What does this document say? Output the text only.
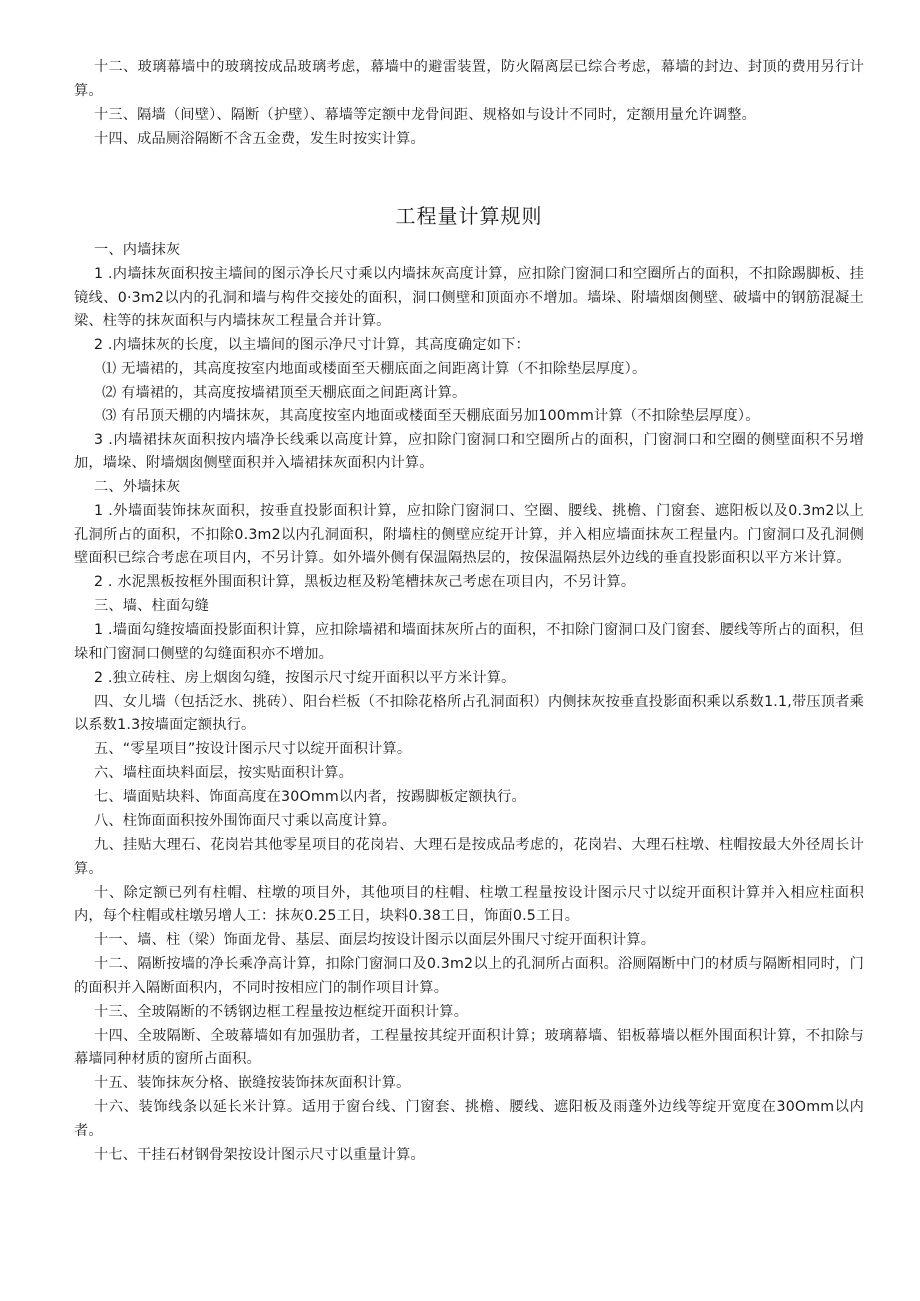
十二、玻璃幕墙中的玻璃按成品玻璃考虑，幕墙中的避雷装置，防火隔离层已综合考虑，幕墙的封边、封顶的费用另行计算。

十三、隔墙（间壁）、隔断（护壁）、幕墙等定额中龙骨间距、规格如与设计不同时，定额用量允许调整。

十四、成品厕浴隔断不含五金费，发生时按实计算。

工程量计算规则

一、内墙抹灰

1 .内墙抹灰面积按主墙间的图示净长尺寸乘以内墙抹灰高度计算，应扣除门窗洞口和空圈所占的面积，不扣除踢脚板、挂镜线、0·3m2以内的孔洞和墙与构件交接处的面积，洞口侧壁和顶面亦不增加。墙垛、附墙烟囱侧壁、破墙中的钢筋混凝土梁、柱等的抹灰面积与内墙抹灰工程量合并计算。

2 .内墙抹灰的长度，以主墙间的图示净尺寸计算，其高度确定如下：

⑴ 无墙裙的，其高度按室内地面或楼面至天棚底面之间距离计算（不扣除垫层厚度）。

⑵ 有墙裙的，其高度按墙裙顶至天棚底面之间距离计算。

⑶ 有吊顶天棚的内墙抹灰，其高度按室内地面或楼面至天棚底面另加100mm计算（不扣除垫层厚度）。

3 .内墙裙抹灰面积按内墙净长线乘以高度计算，应扣除门窗洞口和空圈所占的面积，门窗洞口和空圈的侧壁面积不另增加，墙垛、附墙烟囱侧壁面积并入墙裙抹灰面积内计算。

二、外墙抹灰

1 .外墙面装饰抹灰面积，按垂直投影面积计算，应扣除门窗洞口、空圈、腰线、挑檐、门窗套、遮阳板以及0.3m2以上孔洞所占的面积，不扣除0.3m2以内孔洞面积，附墙柱的侧壁应绽开计算，并入相应墙面抹灰工程量内。门窗洞口及孔洞侧壁面积已综合考虑在项目内，不另计算。如外墙外侧有保温隔热层的，按保温隔热层外边线的垂直投影面积以平方米计算。

2 . 水泥黑板按框外围面积计算，黑板边框及粉笔槽抹灰己考虑在项目内，不另计算。

三、墙、柱面勾缝

1 .墙面勾缝按墙面投影面积计算，应扣除墙裙和墙面抹灰所占的面积，不扣除门窗洞口及门窗套、腰线等所占的面积，但垛和门窗洞口侧壁的勾缝面积亦不增加。

2 .独立砖柱、房上烟囱勾缝，按图示尺寸绽开面积以平方米计算。

四、女儿墙（包括泛水、挑砖）、阳台栏板（不扣除花格所占孔洞面积）内侧抹灰按垂直投影面积乘以系数1.1,带压顶者乘以系数1.3按墙面定额执行。

五、“零星项目”按设计图示尺寸以绽开面积计算。

六、墙柱面块料面层，按实贴面积计算。

七、墙面贴块料、饰面高度在30Omm以内者，按踢脚板定额执行。

八、柱饰面面积按外围饰面尺寸乘以高度计算。

九、挂贴大理石、花岗岩其他零星项目的花岗岩、大理石是按成品考虑的，花岗岩、大理石柱墩、柱帽按最大外径周长计算。

十、除定额已列有柱帽、柱墩的项目外，其他项目的柱帽、柱墩工程量按设计图示尺寸以绽开面积计算并入相应柱面积内，每个柱帽或柱墩另增人工：抹灰0.25工日，块料0.38工日，饰面0.5工日。

十一、墙、柱（梁）饰面龙骨、基层、面层均按设计图示以面层外围尺寸绽开面积计算。

十二、隔断按墙的净长乘净高计算，扣除门窗洞口及0.3m2以上的孔洞所占面积。浴厕隔断中门的材质与隔断相同时，门的面积并入隔断面积内，不同时按相应门的制作项目计算。

十三、全玻隔断的不锈钢边框工程量按边框绽开面积计算。

十四、全玻隔断、全玻幕墙如有加强肋者，工程量按其绽开面积计算；玻璃幕墙、铝板幕墙以框外围面积计算，不扣除与幕墙同种材质的窗所占面积。

十五、装饰抹灰分格、嵌缝按装饰抹灰面积计算。

十六、装饰线条以延长米计算。适用于窗台线、门窗套、挑檐、腰线、遮阳板及雨蓬外边线等绽开宽度在30Omm以内者。

十七、干挂石材钢骨架按设计图示尺寸以重量计算。
